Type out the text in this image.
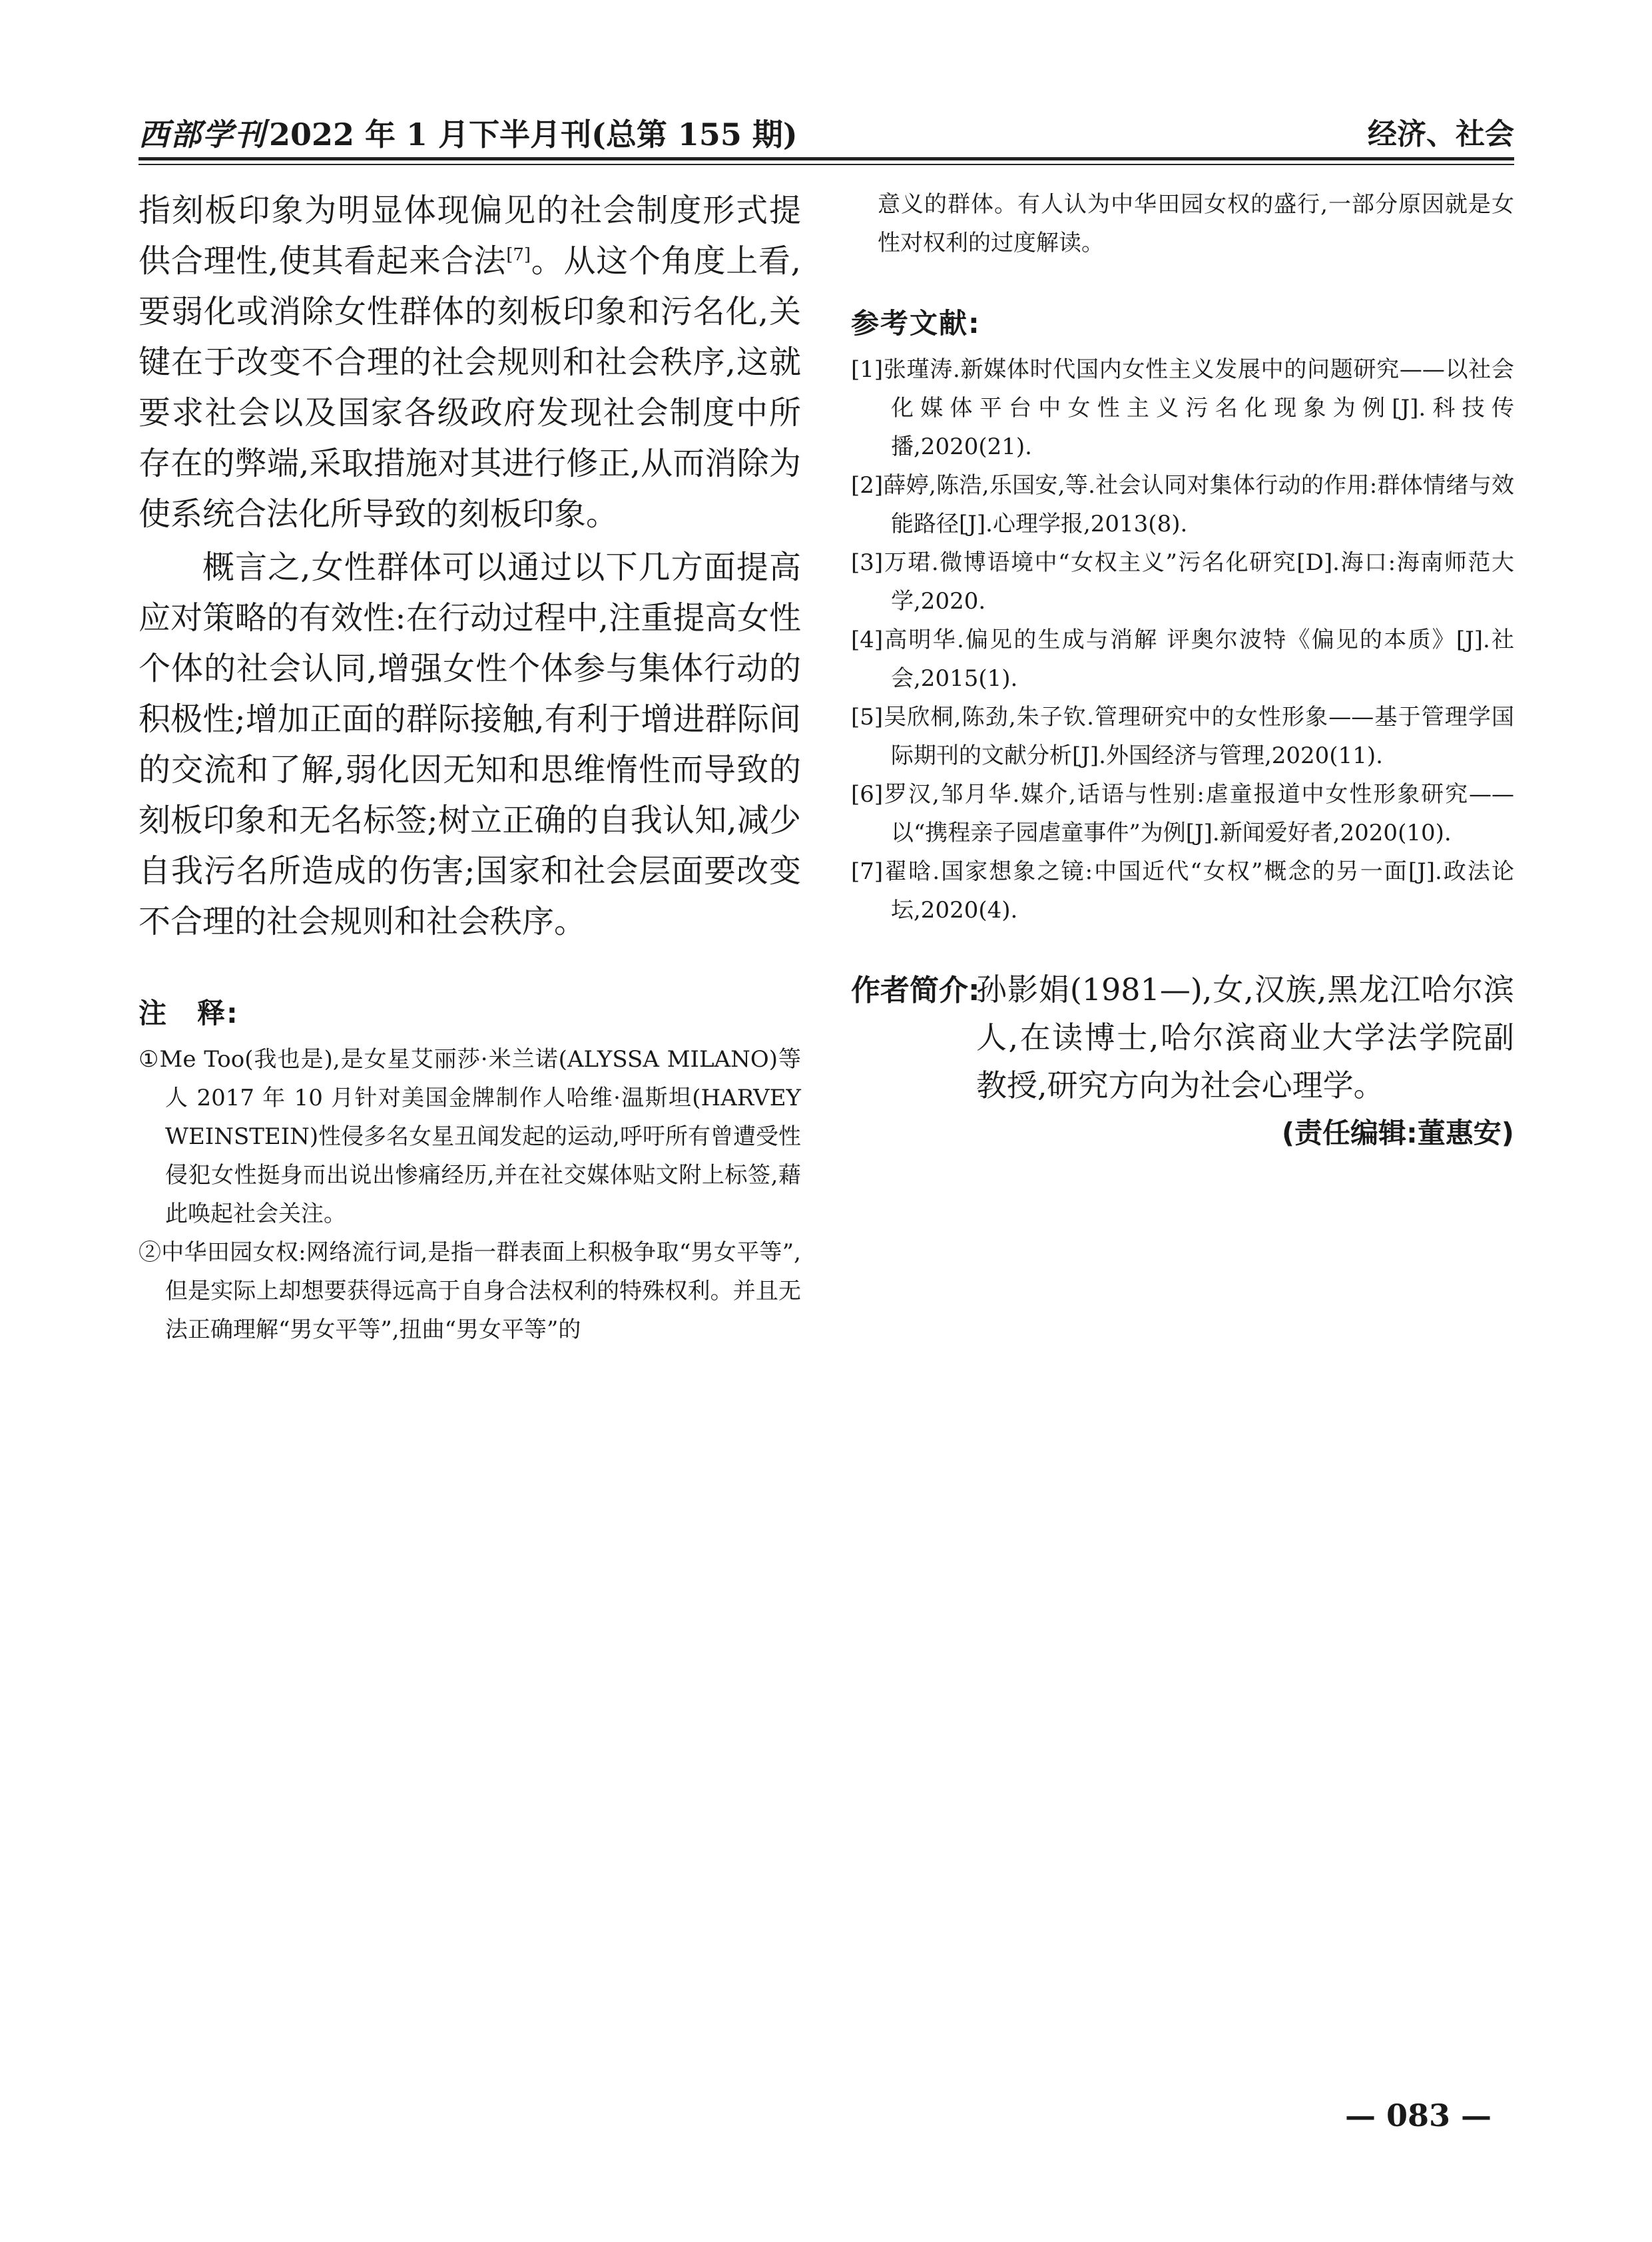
西部学刊2022 年 1 月下半月刊(总第 155 期)	经济、社会

指刻板印象为明显体现偏见的社会制度形式提供合理性,使其看起来合法[7]。从这个角度上看,要弱化或消除女性群体的刻板印象和污名化,关键在于改变不合理的社会规则和社会秩序,这就要求社会以及国家各级政府发现社会制度中所存在的弊端,采取措施对其进行修正,从而消除为使系统合法化所导致的刻板印象。

概言之,女性群体可以通过以下几方面提高应对策略的有效性:在行动过程中,注重提高女性个体的社会认同,增强女性个体参与集体行动的积极性;增加正面的群际接触,有利于增进群际间的交流和了解,弱化因无知和思维惰性而导致的刻板印象和无名标签;树立正确的自我认知,减少自我污名所造成的伤害;国家和社会层面要改变不合理的社会规则和社会秩序。

注　释:

①Me Too(我也是),是女星艾丽莎·米兰诺(ALYSSA MILANO)等人 2017 年 10 月针对美国金牌制作人哈维·温斯坦(HARVEY WEINSTEIN)性侵多名女星丑闻发起的运动,呼吁所有曾遭受性侵犯女性挺身而出说出惨痛经历,并在社交媒体贴文附上标签,藉此唤起社会关注。

②中华田园女权:网络流行词,是指一群表面上积极争取“男女平等”,但是实际上却想要获得远高于自身合法权利的特殊权利。并且无法正确理解“男女平等”,扭曲“男女平等”的

意义的群体。有人认为中华田园女权的盛行,一部分原因就是女性对权利的过度解读。

参考文献:

[1]张瑾涛.新媒体时代国内女性主义发展中的问题研究——以社会化媒体平台中女性主义污名化现象为例[J].科技传播,2020(21).

[2]薛婷,陈浩,乐国安,等.社会认同对集体行动的作用:群体情绪与效能路径[J].心理学报,2013(8).

[3]万珺.微博语境中“女权主义”污名化研究[D].海口:海南师范大学,2020.

[4]高明华.偏见的生成与消解 评奥尔波特《偏见的本质》[J].社会,2015(1).

[5]吴欣桐,陈劲,朱子钦.管理研究中的女性形象——基于管理学国际期刊的文献分析[J].外国经济与管理,2020(11).

[6]罗汉,邹月华.媒介,话语与性别:虐童报道中女性形象研究——以“携程亲子园虐童事件”为例[J].新闻爱好者,2020(10).

[7]翟晗.国家想象之镜:中国近代“女权”概念的另一面[J].政法论坛,2020(4).

作者简介:

孙影娟(1981—),女,汉族,黑龙江哈尔滨人,在读博士,哈尔滨商业大学法学院副教授,研究方向为社会心理学。

(责任编辑:董惠安)
— 083 —
